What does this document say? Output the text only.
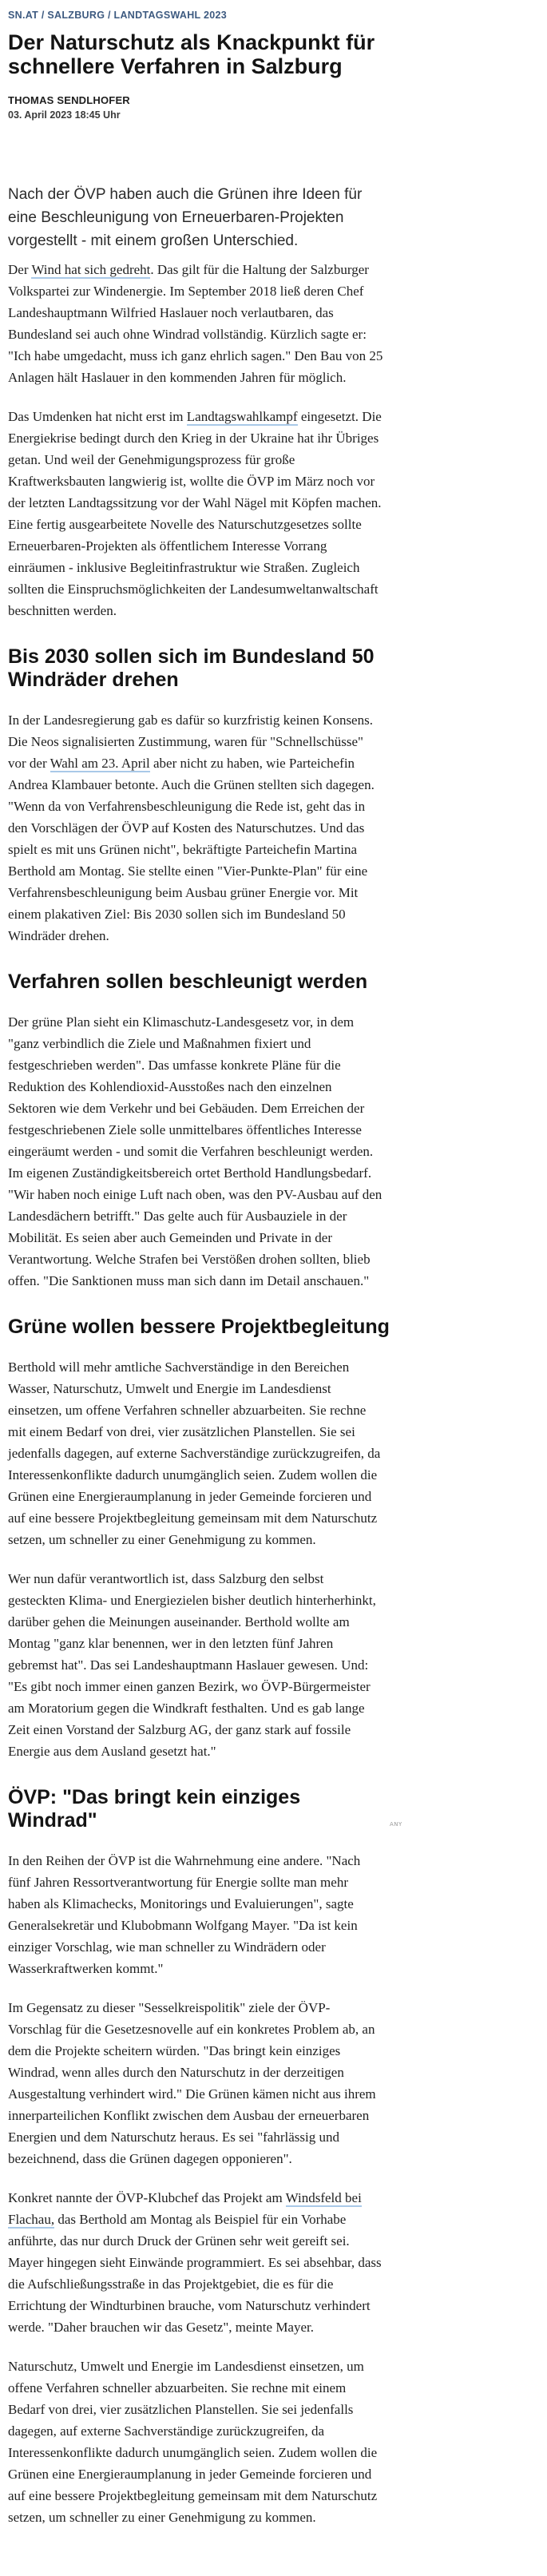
SN.AT / SALZBURG / LANDTAGSWAHL 2023
Der Naturschutz als Knackpunkt für schnellere Verfahren in Salzburg
THOMAS SENDLHOFER
03. April 2023 18:45 Uhr

Nach der ÖVP haben auch die Grünen ihre Ideen für eine Beschleunigung von Erneuerbaren-Projekten vorgestellt - mit einem großen Unterschied.

Der Wind hat sich gedreht. Das gilt für die Haltung der Salzburger Volkspartei zur Windenergie. Im September 2018 ließ deren Chef Landeshauptmann Wilfried Haslauer noch verlautbaren, das Bundesland sei auch ohne Windrad vollständig. Kürzlich sagte er: "Ich habe umgedacht, muss ich ganz ehrlich sagen." Den Bau von 25 Anlagen hält Haslauer in den kommenden Jahren für möglich.

Das Umdenken hat nicht erst im Landtagswahlkampf eingesetzt. Die Energiekrise bedingt durch den Krieg in der Ukraine hat ihr Übriges getan. Und weil der Genehmigungsprozess für große Kraftwerksbauten langwierig ist, wollte die ÖVP im März noch vor der letzten Landtagssitzung vor der Wahl Nägel mit Köpfen machen. Eine fertig ausgearbeitete Novelle des Naturschutzgesetzes sollte Erneuerbaren-Projekten als öffentlichem Interesse Vorrang einräumen - inklusive Begleitinfrastruktur wie Straßen. Zugleich sollten die Einspruchsmöglichkeiten der Landesumweltanwaltschaft beschnitten werden.

Bis 2030 sollen sich im Bundesland 50 Windräder drehen

In der Landesregierung gab es dafür so kurzfristig keinen Konsens. Die Neos signalisierten Zustimmung, waren für "Schnellschüsse" vor der Wahl am 23. April aber nicht zu haben, wie Parteichefin Andrea Klambauer betonte. Auch die Grünen stellten sich dagegen. "Wenn da von Verfahrensbeschleunigung die Rede ist, geht das in den Vorschlägen der ÖVP auf Kosten des Naturschutzes. Und das spielt es mit uns Grünen nicht", bekräftigte Parteichefin Martina Berthold am Montag. Sie stellte einen "Vier-Punkte-Plan" für eine Verfahrensbeschleunigung beim Ausbau grüner Energie vor. Mit einem plakativen Ziel: Bis 2030 sollen sich im Bundesland 50 Windräder drehen.

Verfahren sollen beschleunigt werden

Der grüne Plan sieht ein Klimaschutz-Landesgesetz vor, in dem "ganz verbindlich die Ziele und Maßnahmen fixiert und festgeschrieben werden". Das umfasse konkrete Pläne für die Reduktion des Kohlendioxid-Ausstoßes nach den einzelnen Sektoren wie dem Verkehr und bei Gebäuden. Dem Erreichen der festgeschriebenen Ziele solle unmittelbares öffentliches Interesse eingeräumt werden - und somit die Verfahren beschleunigt werden. Im eigenen Zuständigkeitsbereich ortet Berthold Handlungsbedarf. "Wir haben noch einige Luft nach oben, was den PV-Ausbau auf den Landesdächern betrifft." Das gelte auch für Ausbauziele in der Mobilität. Es seien aber auch Gemeinden und Private in der Verantwortung. Welche Strafen bei Verstößen drohen sollten, blieb offen. "Die Sanktionen muss man sich dann im Detail anschauen."

Grüne wollen bessere Projektbegleitung

Berthold will mehr amtliche Sachverständige in den Bereichen Wasser, Naturschutz, Umwelt und Energie im Landesdienst einsetzen, um offene Verfahren schneller abzuarbeiten. Sie rechne mit einem Bedarf von drei, vier zusätzlichen Planstellen. Sie sei jedenfalls dagegen, auf externe Sachverständige zurückzugreifen, da Interessenkonflikte dadurch unumgänglich seien. Zudem wollen die Grünen eine Energieraumplanung in jeder Gemeinde forcieren und auf eine bessere Projektbegleitung gemeinsam mit dem Naturschutz setzen, um schneller zu einer Genehmigung zu kommen.

Wer nun dafür verantwortlich ist, dass Salzburg den selbst gesteckten Klima- und Energiezielen bisher deutlich hinterherhinkt, darüber gehen die Meinungen auseinander. Berthold wollte am Montag "ganz klar benennen, wer in den letzten fünf Jahren gebremst hat". Das sei Landeshauptmann Haslauer gewesen. Und: "Es gibt noch immer einen ganzen Bezirk, wo ÖVP-Bürgermeister am Moratorium gegen die Windkraft festhalten. Und es gab lange Zeit einen Vorstand der Salzburg AG, der ganz stark auf fossile Energie aus dem Ausland gesetzt hat."

ÖVP: "Das bringt kein einziges Windrad"	ANY

In den Reihen der ÖVP ist die Wahrnehmung eine andere. "Nach fünf Jahren Ressortverantwortung für Energie sollte man mehr haben als Klimachecks, Monitorings und Evaluierungen", sagte Generalsekretär und Klubobmann Wolfgang Mayer. "Da ist kein einziger Vorschlag, wie man schneller zu Windrädern oder Wasserkraftwerken kommt."

Im Gegensatz zu dieser "Sesselkreispolitik" ziele der ÖVP-Vorschlag für die Gesetzesnovelle auf ein konkretes Problem ab, an dem die Projekte scheitern würden. "Das bringt kein einziges Windrad, wenn alles durch den Naturschutz in der derzeitigen Ausgestaltung verhindert wird." Die Grünen kämen nicht aus ihrem innerparteilichen Konflikt zwischen dem Ausbau der erneuerbaren Energien und dem Naturschutz heraus. Es sei "fahrlässig und bezeichnend, dass die Grünen dagegen opponieren".

Konkret nannte der ÖVP-Klubchef das Projekt am Windsfeld bei Flachau, das Berthold am Montag als Beispiel für ein Vorhabe anführte, das nur durch Druck der Grünen sehr weit gereift sei. Mayer hingegen sieht Einwände programmiert. Es sei absehbar, dass die Aufschließungsstraße in das Projektgebiet, die es für die Errichtung der Windturbinen brauche, vom Naturschutz verhindert werde. "Daher brauchen wir das Gesetz", meinte Mayer.

Naturschutz, Umwelt und Energie im Landesdienst einsetzen, um offene Verfahren schneller abzuarbeiten. Sie rechne mit einem Bedarf von drei, vier zusätzlichen Planstellen. Sie sei jedenfalls dagegen, auf externe Sachverständige zurückzugreifen, da Interessenkonflikte dadurch unumgänglich seien. Zudem wollen die Grünen eine Energieraumplanung in jeder Gemeinde forcieren und auf eine bessere Projektbegleitung gemeinsam mit dem Naturschutz setzen, um schneller zu einer Genehmigung zu kommen.
